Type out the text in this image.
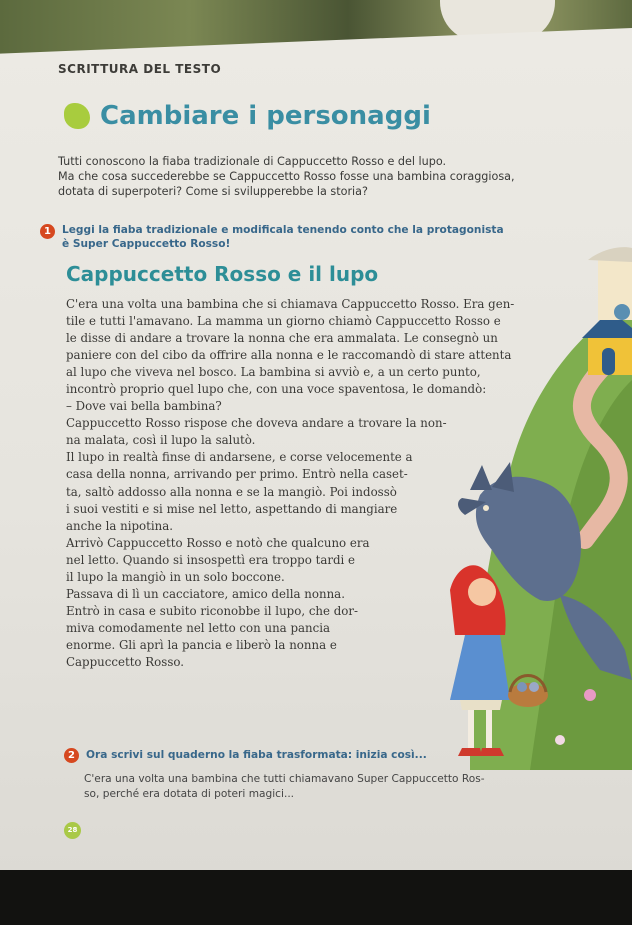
SCRITTURA DEL TESTO
Cambiare i personaggi
Tutti conoscono la fiaba tradizionale di Cappuccetto Rosso e del lupo.
Ma che cosa succederebbe se Cappuccetto Rosso fosse una bambina coraggiosa,
dotata di superpoteri? Come si svilupperebbe la storia?
1	Leggi la fiaba tradizionale e modificala tenendo conto che la protagonista
è Super Cappuccetto Rosso!
Cappuccetto Rosso e il lupo
C'era una volta una bambina che si chiamava Cappuccetto Rosso. Era gen-
tile e tutti l'amavano. La mamma un giorno chiamò Cappuccetto Rosso e
le disse di andare a trovare la nonna che era ammalata. Le consegnò un
paniere con del cibo da offrire alla nonna e le raccomandò di stare attenta
al lupo che viveva nel bosco. La bambina si avviò e, a un certo punto,
incontrò proprio quel lupo che, con una voce spaventosa, le domandò:
– Dove vai bella bambina?
Cappuccetto Rosso rispose che doveva andare a trovare la non-
na malata, così il lupo la salutò.
Il lupo in realtà finse di andarsene, e corse velocemente a
casa della nonna, arrivando per primo. Entrò nella caset-
ta, saltò addosso alla nonna e se la mangiò. Poi indossò
i suoi vestiti e si mise nel letto, aspettando di mangiare
anche la nipotina.
Arrivò Cappuccetto Rosso e notò che qualcuno era
nel letto. Quando si insospettì era troppo tardi e
il lupo la mangiò in un solo boccone.
Passava di lì un cacciatore, amico della nonna.
Entrò in casa e subito riconobbe il lupo, che dor-
miva comodamente nel letto con una pancia
enorme. Gli aprì la pancia e liberò la nonna e
Cappuccetto Rosso.
2	Ora scrivi sul quaderno la fiaba trasformata: inizia così...
C'era una volta una bambina che tutti chiamavano Super Cappuccetto Ros-
so, perché era dotata di poteri magici...
28
